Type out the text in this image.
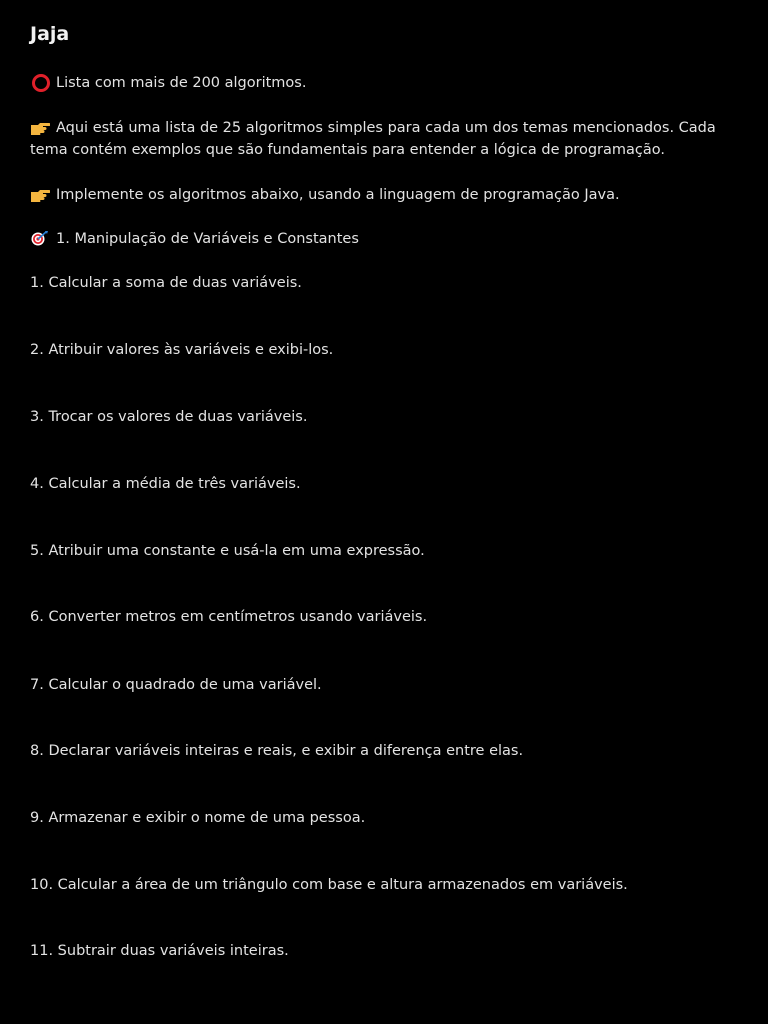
Jaja
Lista com mais de 200 algoritmos.
Aqui está uma lista de 25 algoritmos simples para cada um dos temas mencionados. Cada tema contém exemplos que são fundamentais para entender a lógica de programação.
Implemente os algoritmos abaixo, usando a linguagem de programação Java.
1. Manipulação de Variáveis e Constantes
1. Calcular a soma de duas variáveis.
2. Atribuir valores às variáveis e exibi-los.
3. Trocar os valores de duas variáveis.
4. Calcular a média de três variáveis.
5. Atribuir uma constante e usá-la em uma expressão.
6. Converter metros em centímetros usando variáveis.
7. Calcular o quadrado de uma variável.
8. Declarar variáveis inteiras e reais, e exibir a diferença entre elas.
9. Armazenar e exibir o nome de uma pessoa.
10. Calcular a área de um triângulo com base e altura armazenados em variáveis.
11. Subtrair duas variáveis inteiras.
